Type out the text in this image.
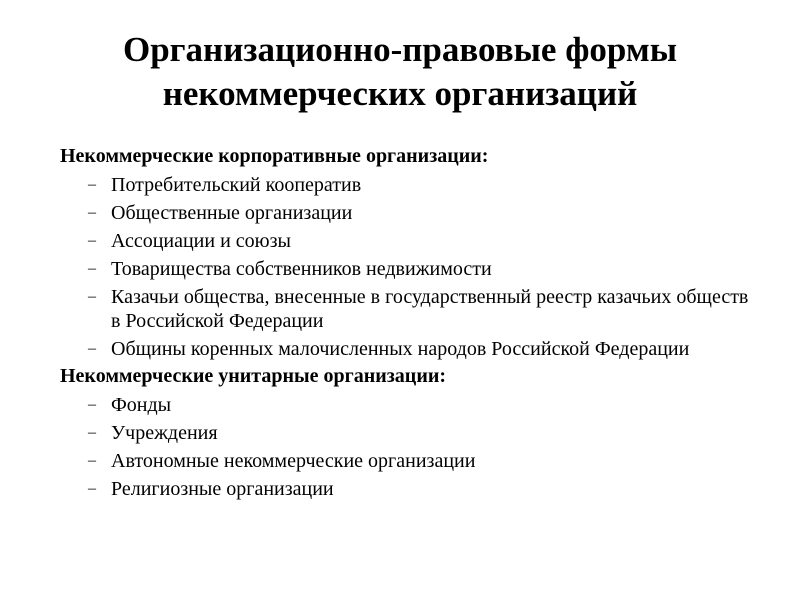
Организационно-правовые формы
некоммерческих организаций

Некоммерческие корпоративные организации:

– Потребительский кооператив
– Общественные организации
– Ассоциации и союзы
– Товарищества собственников недвижимости
– Казачьи общества, внесенные в государственный реестр казачьих обществ в Российской Федерации
– Общины коренных малочисленных народов Российской Федерации

Некоммерческие унитарные организации:

– Фонды
– Учреждения
– Автономные некоммерческие организации
– Религиозные организации
